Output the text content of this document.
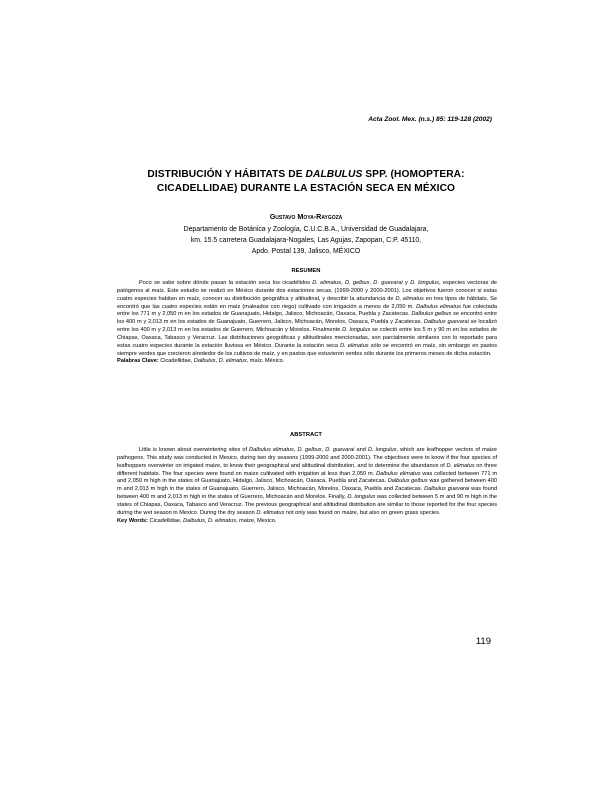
Acta Zool. Mex. (n.s.) 85: 119-128 (2002)
DISTRIBUCIÓN Y HÁBITATS DE DALBULUS SPP. (HOMOPTERA:
CICADELLIDAE) DURANTE LA ESTACIÓN SECA EN MÉXICO
Gustavo Moya-Raygoza
Departamento de Botánica y Zoología, C.U.C.B.A., Universidad de Guadalajara,
km. 15.5 carretera Guadalajara-Nogales, Las Agujas, Zapopan, C.P. 45110,
Apdo. Postal 139, Jalisco, MÉXICO
RESUMEN

Poco se sabe sobre dónde pasan la estación seca los cicadélidos D. elimatus, D. gelbus, D. guevarai y D. longulus, especies vectoras de patógenos al maíz. Este estudio se realizó en México durante dos estaciones secas, (1999-2000 y 2000-2001). Los objetivos fueron conocer si estas cuatro especies habitan en maíz, conocer su distribución geográfica y altitudinal, y describir la abundancia de D. elimatus en tres tipos de hábitats. Se encontró que las cuatro especies están en maíz (maleados con riego) cultivado con irrigación a menos de 2,050 m. Dalbulus elimatus fue colectada entre los 771 m y 2,050 m en los estados de Guanajuato, Hidalgo, Jalisco, Michoacán, Oaxaca, Puebla y Zacatecas. Dalbulus gelbus se encontró entre los 400 m y 2,013 m en los estados de Guanajuato, Guerrero, Jalisco, Michoacán, Morelos, Oaxaca, Puebla y Zacatecas. Dalbulus guevarai se localizó entre los 400 m y 2,013 m en los estados de Guerrero, Michoacán y Morelos. Finalmente D. longulus se colectó entre los 5 m y 90 m en los estados de Chiapas, Oaxaca, Tabasco y Veracruz. Las distribuciones geográficas y altitudinales mencionadas, son parcialmente similares con lo reportado para estas cuatro especies durante la estación lluviosa en México. Durante la estación seca D. elimatus sólo se encontró en maíz, sin embargo en pastos siempre verdes que crecieron alrededor de los cultivos de maíz, y en pastos que estuvieron verdes sólo durante los primeros meses de dicha estación.

Palabras Clave: Cicadellidae, Dalbulus, D. elimatus, maíz, México.
ABSTRACT

Little is known about overwintering sites of Dalbulus elimatus, D. gelbus, D. guevarai and D. longulus, which are leafhopper vectors of maize pathogens. This study was conducted in Mexico, during two dry seasons (1999-2000 and 2000-2001). The objectives were to know if the four species of leafhoppers overwinter on irrigated maize, to know their geographical and altitudinal distribution, and to determine the abundance of D. elimatus on three different habitats. The four species were found on maize cultivated with irrigation at less than 2,050 m. Dalbulus elimatus was collected between 771 m and 2,050 m high in the states of Guanajuato, Hidalgo, Jalisco, Michoacán, Oaxaca, Puebla and Zacatecas. Dalbulus gelbus was gathered between 400 m and 2,013 m high in the states of Guanajuato, Guerrero, Jalisco, Michoacán, Morelos, Oaxaca, Puebla and Zacatecas. Dalbulus guevarai was found between 400 m and 2,013 m high in the states of Guerrero, Michoacán and Morelos. Finally, D. longulus was collected between 5 m and 90 m high in the states of Chiapas, Oaxaca, Tabasco and Veracruz. The previous geographical and altitudinal distribution are similar to those reported for the four species during the wet season in Mexico. During the dry season D. elimatus not only was found on maize, but also on green grass species.

Key Words: Cicadellidae, Dalbulus, D. elimatus, maize, Mexico.
119
